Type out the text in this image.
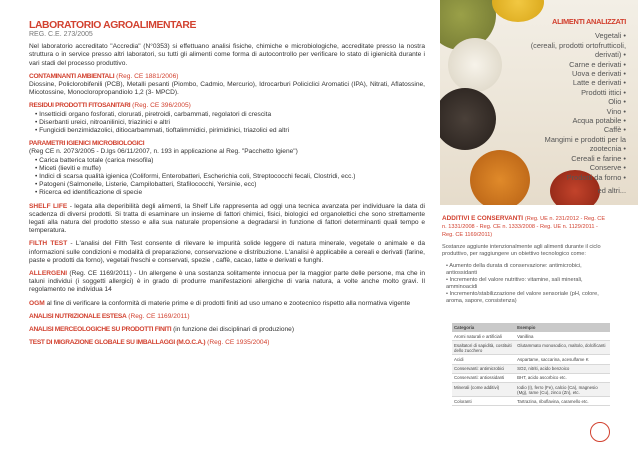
LABORATORIO AGROALIMENTARE
REG. C.E. 273/2005

Nel laboratorio accreditato "Accredia" (N°0353) si effettuano analisi fisiche, chimiche e microbiologiche, accreditate presso la nostra struttura o in service presso altri laboratori, su tutti gli alimenti come forma di autocontrollo per verificare lo stato di igienicità durante i vari stadi del processo produttivo.

CONTAMINANTI AMBIENTALI (Reg. CE 1881/2006)
Diossine, Policlorobifenili (PCB), Metalli pesanti (Piombo, Cadmio, Mercurio), Idrocarburi Policiclici Aromatici (IPA), Nitrati, Aflatossine, Micotossine, Monocloropropandiolo 1,2 (3- MPCD).
RESIDUI PRODOTTI FITOSANITARI (Reg. CE 396/2005)
• Insetticidi organo fosforati, clorurati, piretroidi, carbammati, regolatori di crescita
• Diserbanti ureici, nitroanilinici, triazinici e altri
• Fungicidi benzimidazolici, ditiocarbammati, tioftalimmidici, pirimidinici, triazolici ed altri
PARAMETRI IGIENICI MICROBIOLOGICI
(Reg CE n. 2073/2005 - D.lgs 06/11/2007, n. 193 in applicazione al Reg. "Pacchetto Igiene")
• Carica batterica totale (carica mesofila)
• Miceti (lieviti e muffe)
• Indici di scarsa qualità igienica (Coliformi, Enterobatteri, Escherichia coli, Streptococchi fecali, Clostridi, ecc.)
• Patogeni (Salmonelle, Listerie, Campilobatteri, Stafilococchi, Yersinie, ecc)
• Ricerca ed identificazione di specie

SHELF LIFE - legata alla deperibilità degli alimenti, la Shelf Life rappresenta ad oggi una tecnica avanzata per individuare la data di scadenza di diversi prodotti. Si tratta di esaminare un insieme di fattori chimici, fisici, biologici ed organolettici che sono strettamente legati alla natura del prodotto stesso e alla sua naturale propensione a degradarsi in funzione di fattori determinanti quali tempo e temperatura.

FILTH TEST - L'analisi del Filth Test consente di rilevare le impurità solide leggere di natura minerale, vegetale o animale e da informazioni sulle condizioni e modalità di preparazione, conservazione e distribuzione. L'analisi è applicabile a cereali e derivati (farine, paste e prodotti da forno), vegetali freschi e conservati, spezie , caffè, cacao, latte e derivati e funghi.

ALLERGENI (Reg. CE 1169/2011) - Un allergene è una sostanza solitamente innocua per la maggior parte delle persone, ma che in taluni individui (i soggetti allergici) è in grado di produrre manifestazioni allergiche di varia natura, a volte anche molto gravi. Il regolamento ne individua 14

OGM al fine di verificare la conformità di materie prime e di prodotti finiti ad uso umano e zootecnico rispetto alla normativa vigente

ANALISI NUTRIZIONALE ESTESA (Reg. CE 1169/2011)

ANALISI MERCEOLOGICHE SU PRODOTTI FINITI (in funzione dei disciplinari di produzione)

TEST DI MIGRAZIONE GLOBALE SU IMBALLAGGI (M.O.C.A.) (Reg. CE 1935/2004)

ALIMENTI ANALIZZATI
Vegetali •
(cereali, prodotti ortofrutticoli, derivati) •
Carne e derivati •
Uova e derivati •
Latte e derivati •
Prodotti ittici •
Olio •
Vino •
Acqua potabile •
Caffè •
Mangimi e prodotti per la zootecnia •
Cereali e farine •
Conserve •
Prodotti da forno •
ed altri...
ADDITIVI E CONSERVANTI (Reg. UE n. 231/2012 - Reg. CE n. 1331/2008 - Reg. CE n. 1333/2008 - Reg. UE n. 1129/2011 - Reg. CE 1169/2011)
Sostanze aggiunte intenzionalmente agli alimenti durante il ciclo produttivo, per raggiungere un obiettivo tecnologico come:
• Aumento della durata di conservazione: antimicrobici, antiossidanti
• Incremento del valore nutritivo: vitamine, sali minerali, amminoacidi
• Incremento/stabilizzazione del valore sensoriale (pH, colore, aroma, sapore, consistenza)
Categoria	Esempio
Aromi naturali e artificiali	Vanillina
Esaltatori di sapidità, costituiti dello zucchero	Glutammato monosodico, maltolo, dolcificanti
Acidi	Aspartame, saccarina, acesulfame K
Conservanti: antimicrobici	SO2, nitriti, acido benzoico
Conservanti: antiossidanti	BHT, acido ascorbico etc.
Minerali (come additivi)	Iodio (I), ferro (Fe), calcio (Ca), magnesio (Mg), rame (Cu), zinco (Zn), etc.
Coloranti	Tartrazina, riboflavina, caramello etc.
